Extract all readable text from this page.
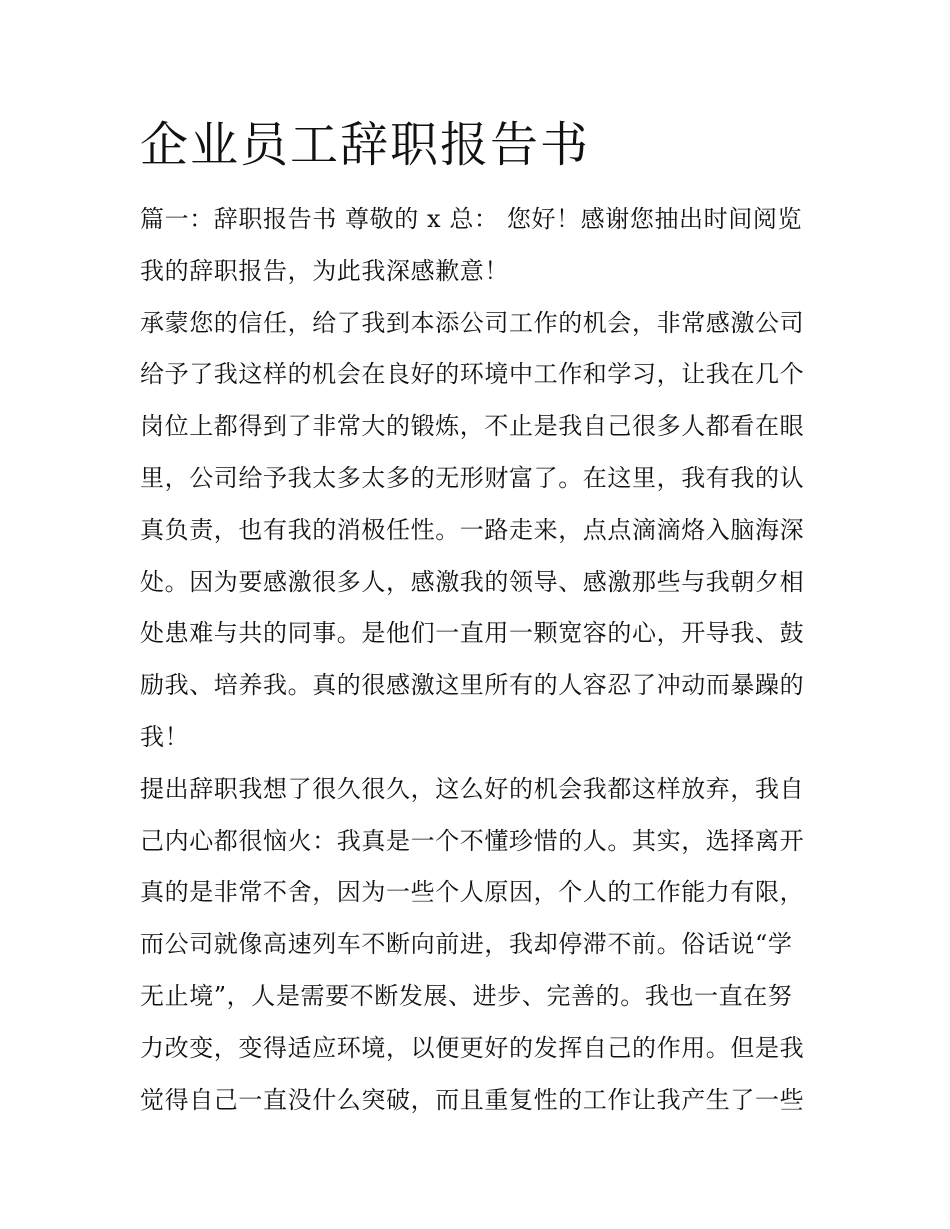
企业员工辞职报告书
篇一：辞职报告书 尊敬的 x 总： 您好！感谢您抽出时间阅览
我的辞职报告，为此我深感歉意！
承蒙您的信任，给了我到本添公司工作的机会，非常感激公司
给予了我这样的机会在良好的环境中工作和学习，让我在几个
岗位上都得到了非常大的锻炼，不止是我自己很多人都看在眼
里，公司给予我太多太多的无形财富了。在这里，我有我的认
真负责，也有我的消极任性。一路走来，点点滴滴烙入脑海深
处。因为要感激很多人，感激我的领导、感激那些与我朝夕相
处患难与共的同事。是他们一直用一颗宽容的心，开导我、鼓
励我、培养我。真的很感激这里所有的人容忍了冲动而暴躁的
我！
提出辞职我想了很久很久，这么好的机会我都这样放弃，我自
己内心都很恼火：我真是一个不懂珍惜的人。其实，选择离开
真的是非常不舍，因为一些个人原因，个人的工作能力有限，
而公司就像高速列车不断向前进，我却停滞不前。俗话说“学
无止境”，人是需要不断发展、进步、完善的。我也一直在努
力改变，变得适应环境，以便更好的发挥自己的作用。但是我
觉得自己一直没什么突破，而且重复性的工作让我产生了一些
